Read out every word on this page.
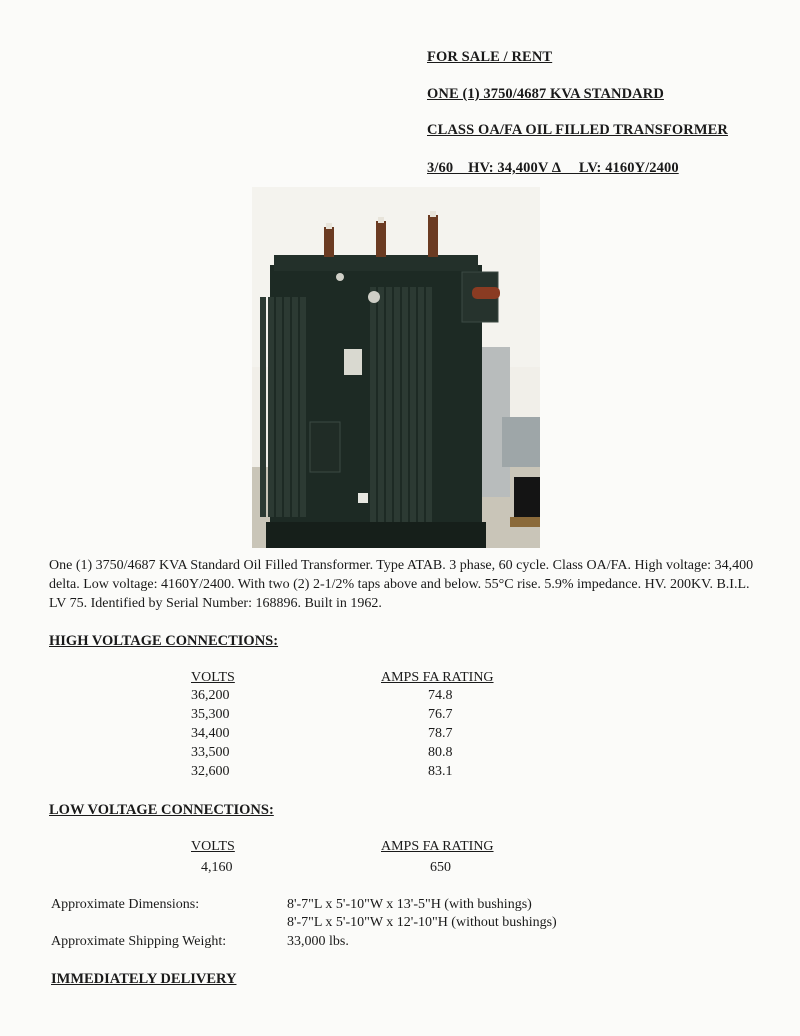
FOR SALE / RENT
ONE (1) 3750/4687 KVA STANDARD
CLASS OA/FA OIL FILLED TRANSFORMER
3/60    HV: 34,400V Δ     LV: 4160Y/2400
One (1) 3750/4687 KVA Standard Oil Filled Transformer. Type ATAB. 3 phase, 60 cycle. Class OA/FA. High voltage: 34,400 delta. Low voltage: 4160Y/2400. With two (2) 2-1/2% taps above and below. 55°C rise. 5.9% impedance. HV. 200KV. B.I.L. LV 75. Identified by Serial Number: 168896. Built in 1962.
HIGH VOLTAGE CONNECTIONS:
VOLTS	AMPS FA RATING
36,200	74.8
35,300	76.7
34,400	78.7
33,500	80.8
32,600	83.1
LOW VOLTAGE CONNECTIONS:
VOLTS	AMPS FA RATING
4,160	650
Approximate Dimensions:	8'-7"L x 5'-10"W x 13'-5"H (with bushings)
8'-7"L x 5'-10"W x 12'-10"H (without bushings)
Approximate Shipping Weight:	33,000 lbs.
IMMEDIATELY DELIVERY
